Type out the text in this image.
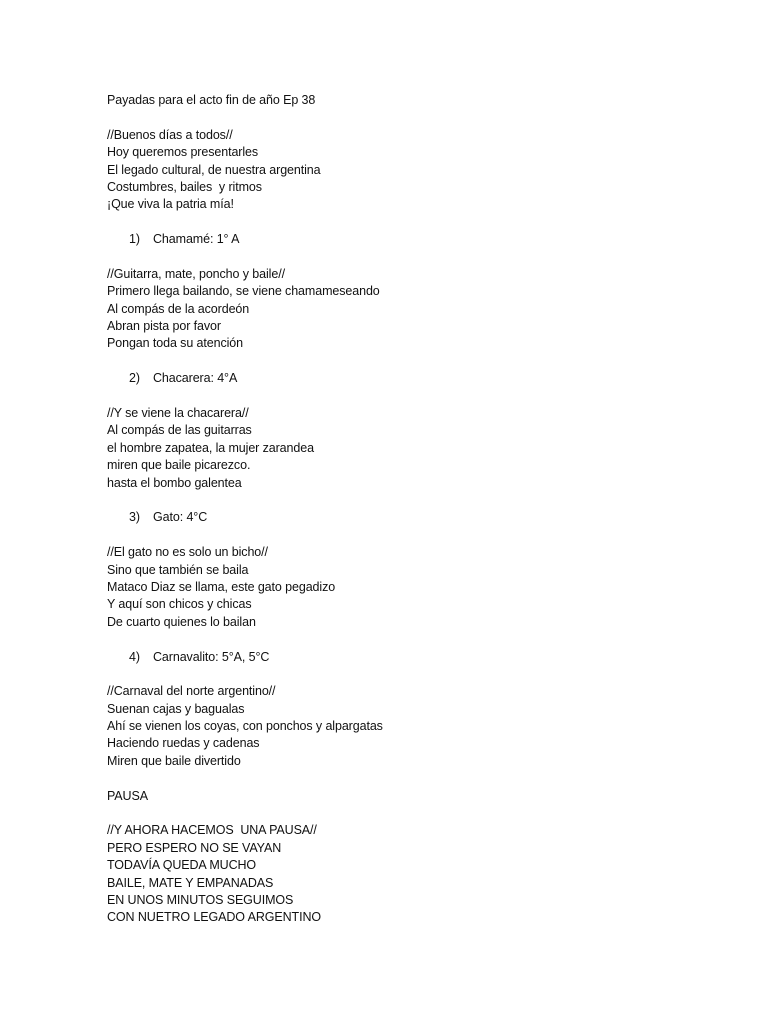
Payadas para el acto fin de año Ep 38
//Buenos días a todos//
Hoy queremos presentarles
El legado cultural, de nuestra argentina
Costumbres, bailes  y ritmos
¡Que viva la patria mía!
1) Chamamé: 1° A
//Guitarra, mate, poncho y baile//
Primero llega bailando, se viene chamameseando
Al compás de la acordeón
Abran pista por favor
Pongan toda su atención
2) Chacarera: 4°A
//Y se viene la chacarera//
Al compás de las guitarras
el hombre zapatea, la mujer zarandea
miren que baile picarezco.
hasta el bombo galentea
3) Gato: 4°C
//El gato no es solo un bicho//
Sino que también se baila
Mataco Diaz se llama, este gato pegadizo
Y aquí son chicos y chicas
De cuarto quienes lo bailan
4) Carnavalito: 5°A, 5°C
//Carnaval del norte argentino//
Suenan cajas y bagualas
Ahí se vienen los coyas, con ponchos y alpargatas
Haciendo ruedas y cadenas
Miren que baile divertido
PAUSA
//Y AHORA HACEMOS  UNA PAUSA//
PERO ESPERO NO SE VAYAN
TODAVÍA QUEDA MUCHO
BAILE, MATE Y EMPANADAS
EN UNOS MINUTOS SEGUIMOS
CON NUETRO LEGADO ARGENTINO
